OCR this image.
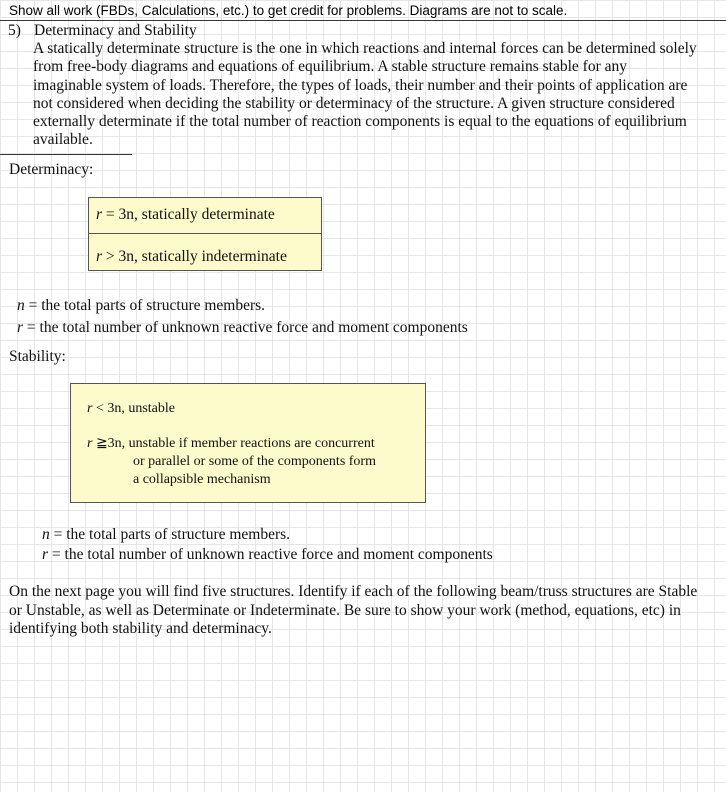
Show all work (FBDs, Calculations, etc.) to get credit for problems. Diagrams are not to scale.
5) Determinacy and Stability
A statically determinate structure is the one in which reactions and internal forces can be determined solely
from free-body diagrams and equations of equilibrium. A stable structure remains stable for any
imaginable system of loads. Therefore, the types of loads, their number and their points of application are
not considered when deciding the stability or determinacy of the structure. A given structure considered
externally determinate if the total number of reaction components is equal to the equations of equilibrium
available.
Determinacy:
r = 3n, statically determinate
r > 3n, statically indeterminate
n = the total parts of structure members.
r = the total number of unknown reactive force and moment components
Stability:
r < 3n, unstable
r ≧3n, unstable if member reactions are concurrent
or parallel or some of the components form
a collapsible mechanism
n = the total parts of structure members.
r = the total number of unknown reactive force and moment components
On the next page you will find five structures. Identify if each of the following beam/truss structures are Stable
or Unstable, as well as Determinate or Indeterminate. Be sure to show your work (method, equations, etc) in
identifying both stability and determinacy.
